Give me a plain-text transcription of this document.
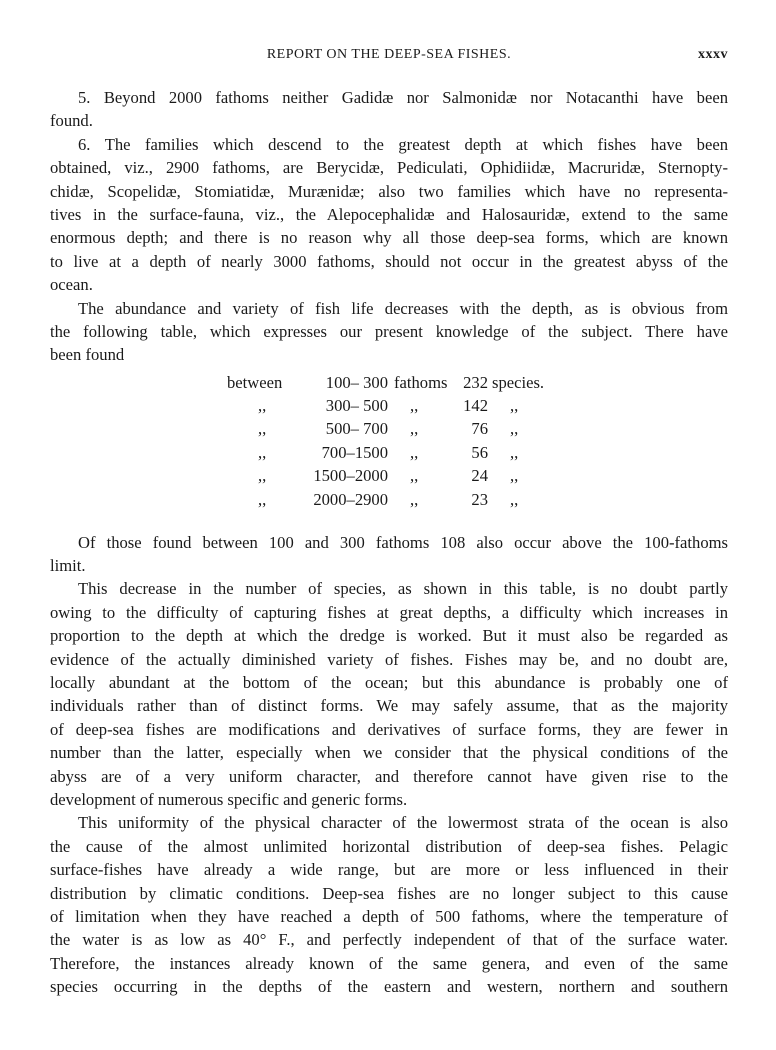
REPORT ON THE DEEP-SEA FISHES.	xxxv
5. Beyond 2000 fathoms neither Gadidæ nor Salmonidæ nor Notacanthi have been
found.
6. The families which descend to the greatest depth at which fishes have been
obtained, viz., 2900 fathoms, are Berycidæ, Pediculati, Ophidiidæ, Macruridæ, Sternopty-
chidæ, Scopelidæ, Stomiatidæ, Murænidæ; also two families which have no representa-
tives in the surface-fauna, viz., the Alepocephalidæ and Halosauridæ, extend to the same
enormous depth; and there is no reason why all those deep-sea forms, which are known
to live at a depth of nearly 3000 fathoms, should not occur in the greatest abyss of the
ocean.
The abundance and variety of fish life decreases with the depth, as is obvious from
the following table, which expresses our present knowledge of the subject. There have
been found
between	100– 300 fathoms 232 species.
,,	300– 500 ,,	142 ,,
,,	500– 700 ,,	76 ,,
,,	700–1500 ,,	56 ,,
,,	1500–2000 ,,	24 ,,
,,	2000–2900 ,,	23 ,,
Of those found between 100 and 300 fathoms 108 also occur above the 100-fathoms
limit.
This decrease in the number of species, as shown in this table, is no doubt partly
owing to the difficulty of capturing fishes at great depths, a difficulty which increases in
proportion to the depth at which the dredge is worked. But it must also be regarded as
evidence of the actually diminished variety of fishes. Fishes may be, and no doubt are,
locally abundant at the bottom of the ocean; but this abundance is probably one of
individuals rather than of distinct forms. We may safely assume, that as the majority
of deep-sea fishes are modifications and derivatives of surface forms, they are fewer in
number than the latter, especially when we consider that the physical conditions of the
abyss are of a very uniform character, and therefore cannot have given rise to the
development of numerous specific and generic forms.
This uniformity of the physical character of the lowermost strata of the ocean is also
the cause of the almost unlimited horizontal distribution of deep-sea fishes. Pelagic
surface-fishes have already a wide range, but are more or less influenced in their
distribution by climatic conditions. Deep-sea fishes are no longer subject to this cause
of limitation when they have reached a depth of 500 fathoms, where the temperature of
the water is as low as 40° F., and perfectly independent of that of the surface water.
Therefore, the instances already known of the same genera, and even of the same
species occurring in the depths of the eastern and western, northern and southern
